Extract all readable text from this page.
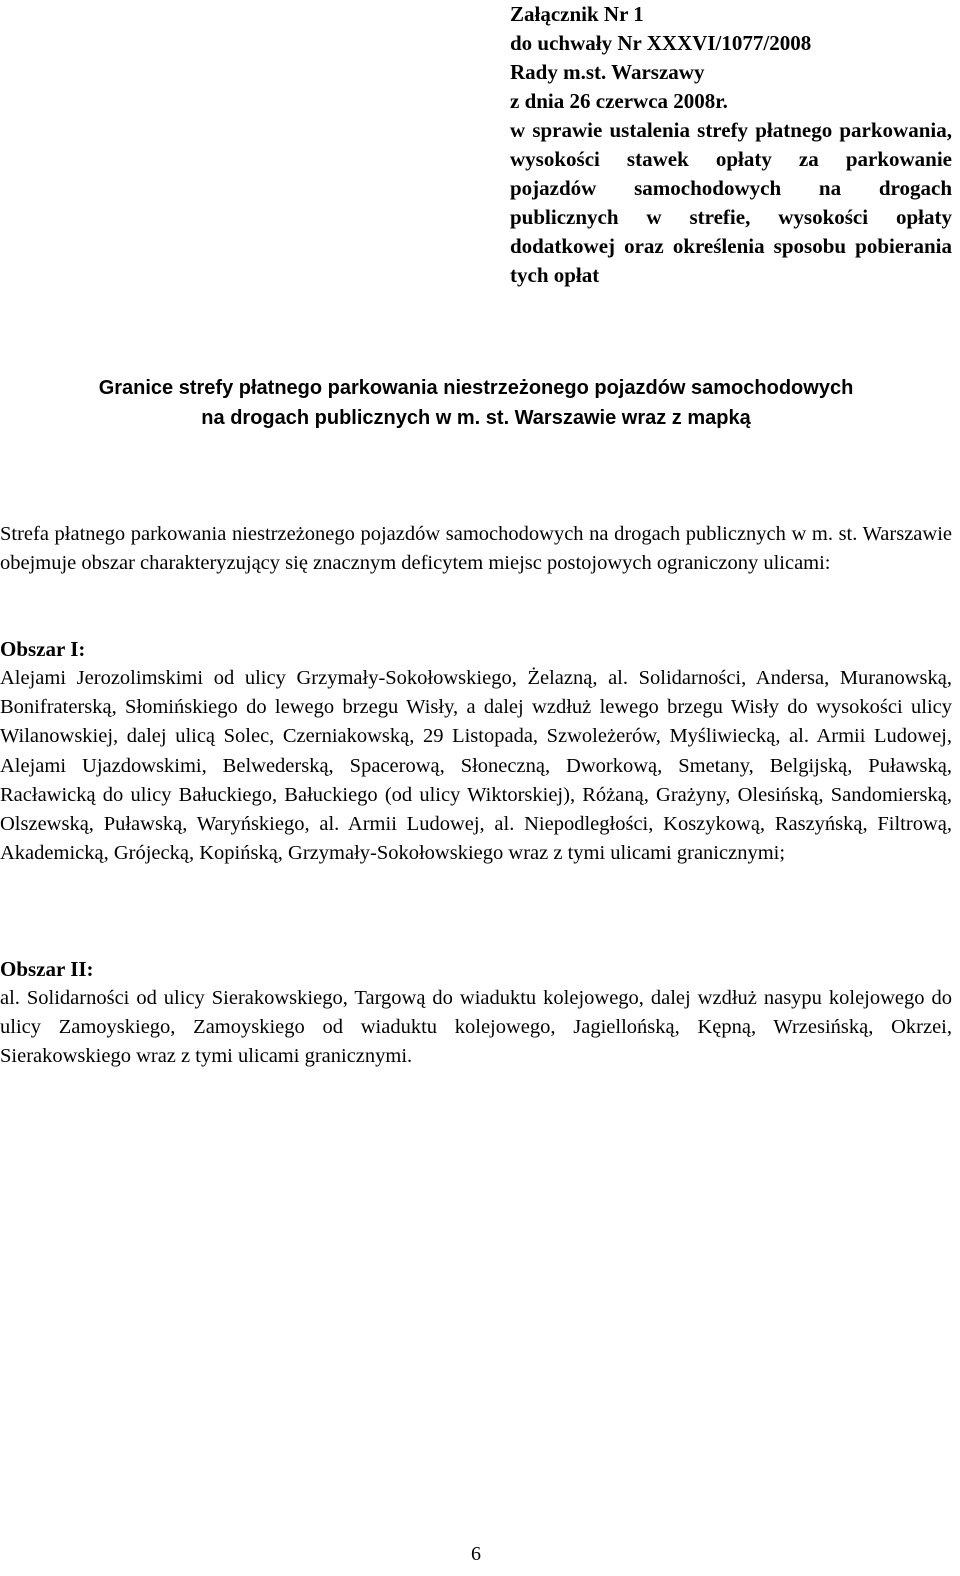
Załącznik Nr 1
do uchwały Nr XXXVI/1077/2008
Rady m.st. Warszawy
z dnia 26 czerwca 2008r.
w sprawie ustalenia strefy płatnego parkowania, wysokości stawek opłaty za parkowanie pojazdów samochodowych na drogach publicznych w strefie, wysokości opłaty dodatkowej oraz określenia sposobu pobierania tych opłat
Granice strefy płatnego parkowania niestrzeżonego pojazdów samochodowych
na drogach publicznych w m. st. Warszawie wraz z mapką
Strefa płatnego parkowania niestrzeżonego pojazdów samochodowych na drogach publicznych w m. st. Warszawie obejmuje obszar charakteryzujący się znacznym deficytem miejsc postojowych ograniczony ulicami:
Obszar I:
Alejami Jerozolimskimi od ulicy Grzymały-Sokołowskiego, Żelazną, al. Solidarności, Andersa, Muranowską, Bonifraterską, Słomińskiego do lewego brzegu Wisły, a dalej wzdłuż lewego brzegu Wisły do wysokości ulicy Wilanowskiej, dalej ulicą Solec, Czerniakowską, 29 Listopada, Szwoleżerów, Myśliwiecką, al. Armii Ludowej, Alejami Ujazdowskimi, Belwederską, Spacerową, Słoneczną, Dworkową, Smetany, Belgijską, Puławską, Racławicką do ulicy Bałuckiego, Bałuckiego (od ulicy Wiktorskiej), Różaną, Grażyny, Olesińską, Sandomierską, Olszewską, Puławską, Waryńskiego, al. Armii Ludowej, al. Niepodległości, Koszykową, Raszyńską, Filtrową, Akademicką, Grójecką, Kopińską, Grzymały-Sokołowskiego wraz z tymi ulicami granicznymi;
Obszar II:
al. Solidarności od ulicy Sierakowskiego, Targową do wiaduktu kolejowego, dalej wzdłuż nasypu kolejowego do ulicy Zamoyskiego, Zamoyskiego od wiaduktu kolejowego, Jagiellońską, Kępną, Wrzesińską, Okrzei, Sierakowskiego wraz z tymi ulicami granicznymi.
6
